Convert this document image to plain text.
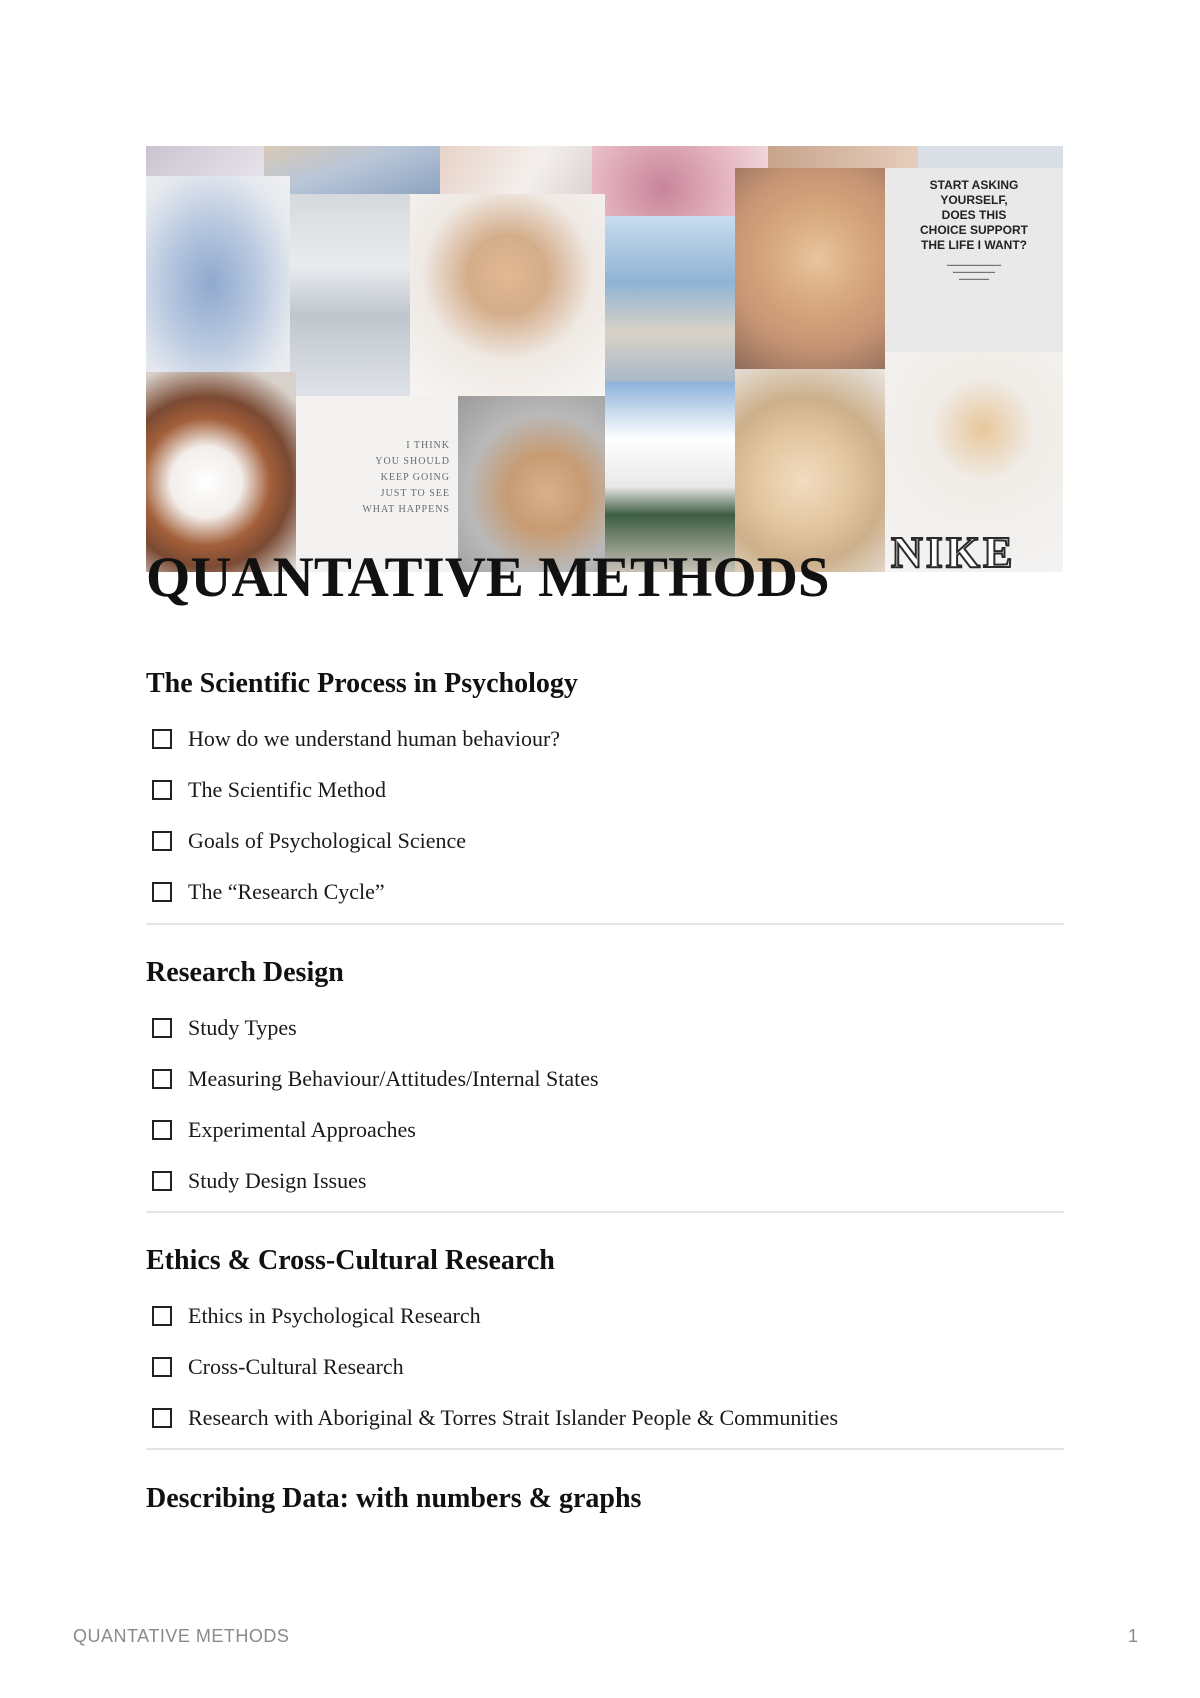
START ASKING
YOURSELF,
DOES THIS
CHOICE SUPPORT
THE LIFE I WANT?
━━━━━━━━━━━━━━━━━━
━━━━━━━━━━━━━━
━━━━━━━━━━
I THINK
YOU SHOULD
KEEP GOING
JUST TO SEE
WHAT HAPPENS
NIKE
QUANTATIVE METHODS
The Scientific Process in Psychology
How do we understand human behaviour?
The Scientific Method
Goals of Psychological Science
The “Research Cycle”
Research Design
Study Types
Measuring Behaviour/Attitudes/Internal States
Experimental Approaches
Study Design Issues
Ethics & Cross-Cultural Research
Ethics in Psychological Research
Cross-Cultural Research
Research with Aboriginal & Torres Strait Islander People & Communities
Describing Data: with numbers & graphs
QUANTATIVE METHODS	1
